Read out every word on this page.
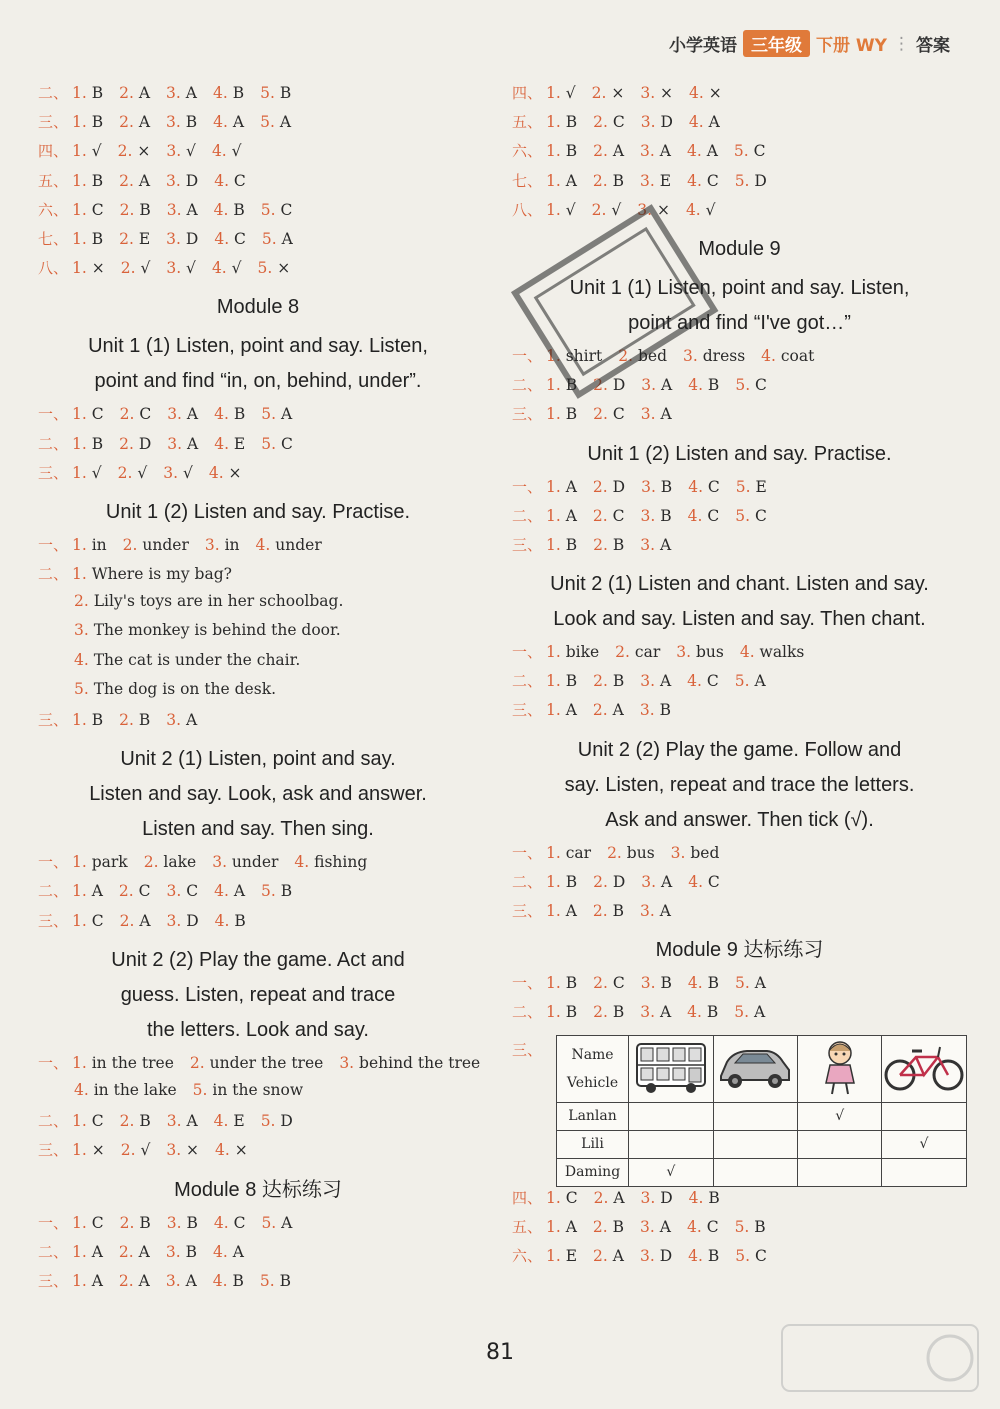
小学英语 三年级 下册 WY ⋮ 答案
二、 1. B 2. A 3. A 4. B 5. B
三、 1. B 2. A 3. B 4. A 5. A
四、 1. √ 2. × 3. √ 4. √
五、 1. B 2. A 3. D 4. C
六、 1. C 2. B 3. A 4. B 5. C
七、 1. B 2. E 3. D 4. C 5. A
八、 1. × 2. √ 3. √ 4. √ 5. ×
Module 8
Unit 1 (1) Listen, point and say. Listen,
point and find “in, on, behind, under”.
一、 1. C 2. C 3. A 4. B 5. A
二、 1. B 2. D 3. A 4. E 5. C
三、 1. √ 2. √ 3. √ 4. ×
Unit 1 (2) Listen and say. Practise.
一、 1. in 2. under 3. in 4. under
二、 1. Where is my bag?
2. Lily's toys are in her schoolbag.
3. The monkey is behind the door.
4. The cat is under the chair.
5. The dog is on the desk.
三、 1. B 2. B 3. A
Unit 2 (1) Listen, point and say.
Listen and say. Look, ask and answer.
Listen and say. Then sing.
一、 1. park 2. lake 3. under 4. fishing
二、 1. A 2. C 3. C 4. A 5. B
三、 1. C 2. A 3. D 4. B
Unit 2 (2) Play the game. Act and
guess. Listen, repeat and trace
the letters. Look and say.
一、 1. in the tree 2. under the tree 3. behind the tree
4. in the lake 5. in the snow
二、 1. C 2. B 3. A 4. E 5. D
三、 1. × 2. √ 3. × 4. ×
Module 8 达标练习
一、 1. C 2. B 3. B 4. C 5. A
二、 1. A 2. A 3. B 4. A
三、 1. A 2. A 3. A 4. B 5. B
四、 1. √ 2. × 3. × 4. ×
五、 1. B 2. C 3. D 4. A
六、 1. B 2. A 3. A 4. A 5. C
七、 1. A 2. B 3. E 4. C 5. D
八、 1. √ 2. √ 3. × 4. √
Module 9
Unit 1 (1) Listen, point and say. Listen,
point and find “I've got…”
一、 1. shirt 2. bed 3. dress 4. coat
二、 1. B 2. D 3. A 4. B 5. C
三、 1. B 2. C 3. A
Unit 1 (2) Listen and say. Practise.
一、 1. A 2. D 3. B 4. C 5. E
二、 1. A 2. C 3. B 4. C 5. C
三、 1. B 2. B 3. A
Unit 2 (1) Listen and chant. Listen and say.
Look and say. Listen and say. Then chant.
一、 1. bike 2. car 3. bus 4. walks
二、 1. B 2. B 3. A 4. C 5. A
三、 1. A 2. A 3. B
Unit 2 (2) Play the game. Follow and
say. Listen, repeat and trace the letters.
Ask and answer. Then tick (√).
一、 1. car 2. bus 3. bed
二、 1. B 2. D 3. A 4. C
三、 1. A 2. B 3. A
Module 9 达标练习
一、 1. B 2. C 3. B 4. B 5. A
二、 1. B 2. B 3. A 4. B 5. A
三、	Name
Vehicle

Lanlan			√	
Lili				√
Daming	√			
四、 1. C 2. A 3. D 4. B
五、 1. A 2. B 3. A 4. C 5. B
六、 1. E 2. A 3. D 4. B 5. C
81
